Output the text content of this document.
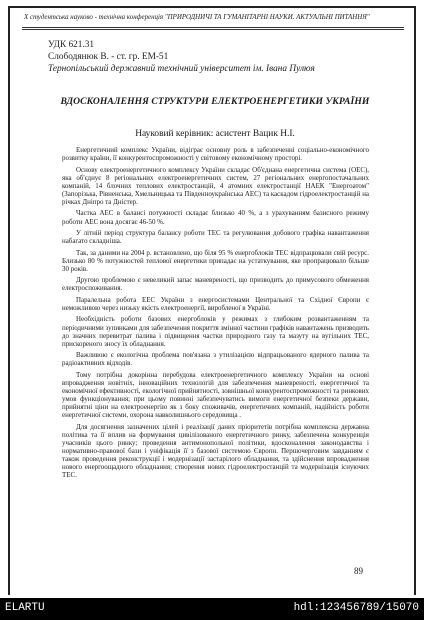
X студентська науково - технічна конференція "ПРИРОДНИЧІ ТА ГУМАНІТАРНІ НАУКИ. АКТУАЛЬНІ ПИТАННЯ"
УДК 621.31
Слободянюк В. - ст. гр. ЕМ-51
Тернопільський державний технічний університет ім. Івана Пулюя
ВДОСКОНАЛЕННЯ СТРУКТУРИ ЕЛЕКТРОЕНЕРГЕТИКИ УКРАЇНИ
Науковий керівник: асистент Вацик Н.І.

Енергетичний комплекс України, відіграє основну роль в забезпеченні соціально-економічного розвитку країни, її конкурентоспроможності у світовому економічному просторі.

Основу електроенергетичного комплексу України складає Об'єднана енергетична система (ОЕС), яка об'єднує 8 регіональних електроенергетичних систем, 27 регіональних енергопостачальних компаній, 14 блочних теплових електростанцій, 4 атомних електростанції НАЕК "Енергоатом" (Запорізька, Рівненська, Хмельницька та Південноукраїнська АЕС) та каскадом гідроелектростанцій на річках Дніпро та Дністер.

Частка АЕС в балансі потужності складає близько 40 %, а з урахуванням базисного режиму роботи АЕС вона досягає 46-50 %.

У літній період структура балансу роботи ТЕС та регулювання добового графіка навантаження набагато складніша.

Так, за даними на 2004 р. встановлено, що біля 95 % енергоблоків ТЕС відпрацювали свій ресурс. Близько 80 % потужностей теплової енергетики припадає на устаткування, яке пропрацювало більше 30 років.

Другою проблемою є невеликий запас маневреності, що призводить до примусового обмеження електроспоживання.

Паралельна робота ЕЕС України з енергосистемами Центральної та Східної Європи є неможливою через низьку якість електроенергії, виробленої в Україні.

Необхідність роботи базових енергоблоків у режимах з глибоким розвантаженням та періодичними зупинками для забезпечення покриття змінної частини графіків навантажень призводить до значних перевитрат палива і підвищення частки природного газу та мазуту на вугільних ТЕС, прискореного зносу їх обладнання.

Важливою є екологічна проблема пов'язана з утилізацією відпрацьованого ядерного палива та радіоактивних відходів.

Тому потрібна докорінна перебудова електроенергетичного комплексу України на основі впровадження новітніх, інноваційних технологій для забезпечення маневреності, енергетичної та економічної ефективності, екологічної прийнятності, зовнішньої конкурентоспроможності та ринкових умов функціонування; при цьому повинні забезпечуватись вимоги енергетичної безпеки держави, прийнятні ціни на електроенергію як з боку споживачів, енергетичних компаній, надійність роботи енергетичної системи, охорона навколишнього середовища .

Для досягнення зазначених цілей і реалізації даних пріоритетів потрібна комплексна державна політика та її вплив на формування цивілізованого енергетичного ринку, забезпечена конкуренція учасників цього ринку; проведення антимонопольної політики, вдосконалення законодавства і нормативно-правової бази і уніфікація її з базової системою Європи. Першочерговим завданням є також проведення реконструкції і модернізації застарілого обладнання, та здійснення впровадження нового енергоощадного обладнання; створення нових гідроелектростанцій та модернізація існуючих ТЕС.

89
ELARTU	hdl:123456789/15070
